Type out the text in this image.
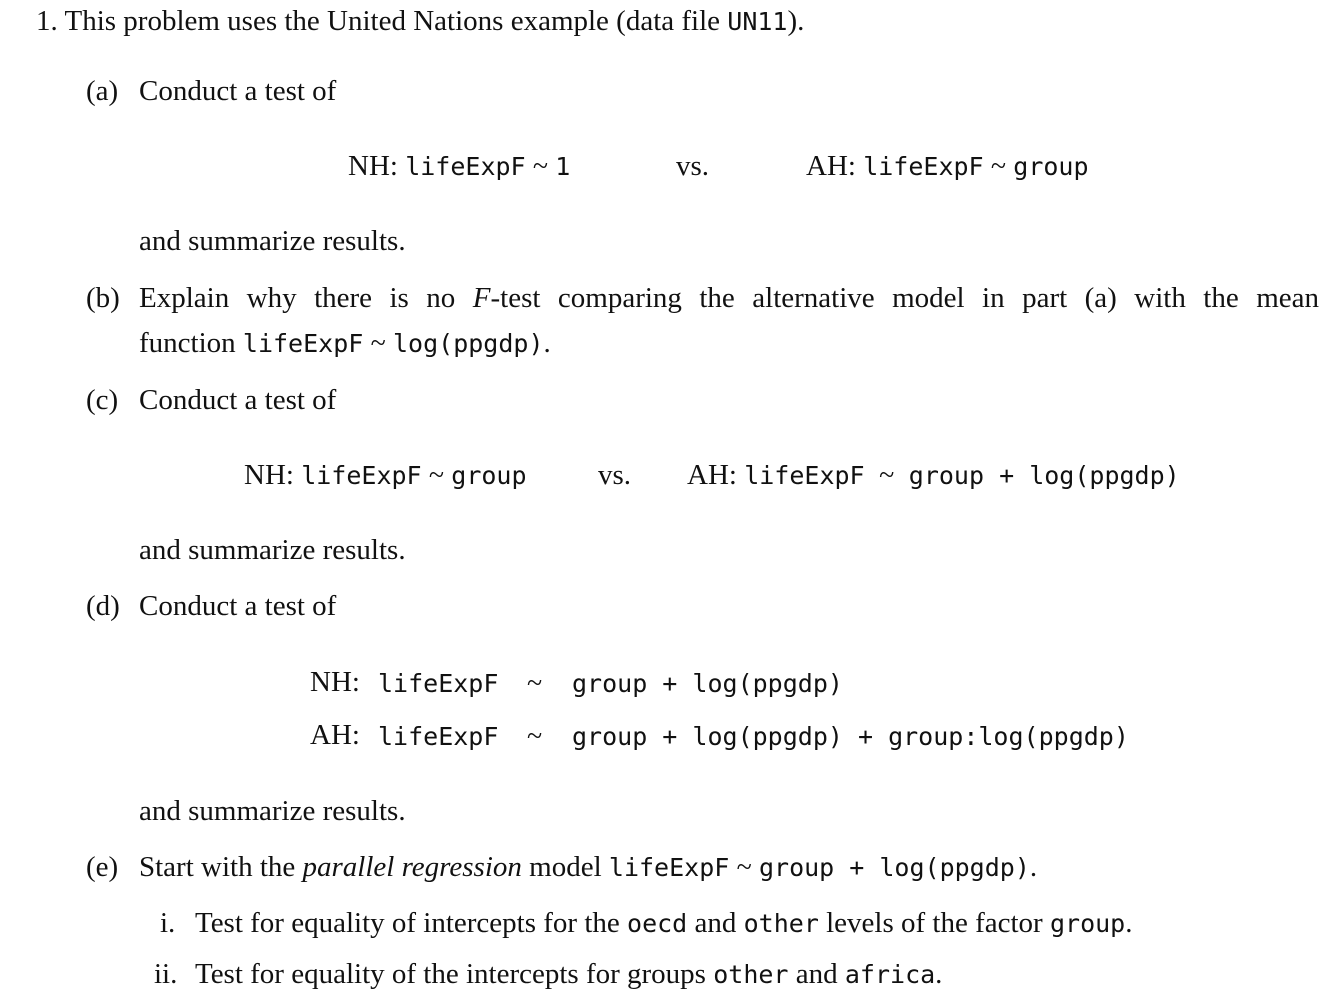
1. This problem uses the United Nations example (data file UN11).
(a) Conduct a test of
NH: lifeExpF ~ 1	vs.	AH: lifeExpF ~ group
and summarize results.
(b) Explain why there is no F-test comparing the alternative model in part (a) with the mean
function lifeExpF ~ log(ppgdp).
(c) Conduct a test of
NH: lifeExpF ~ group vs. AH: lifeExpF ~ group + log(ppgdp)
and summarize results.
(d) Conduct a test of
NH: lifeExpF ~ group + log(ppgdp)
AH: lifeExpF ~ group + log(ppgdp) + group:log(ppgdp)
and summarize results.
(e) Start with the parallel regression model lifeExpF ~ group + log(ppgdp).
i. Test for equality of intercepts for the oecd and other levels of the factor group.
ii. Test for equality of the intercepts for groups other and africa.
